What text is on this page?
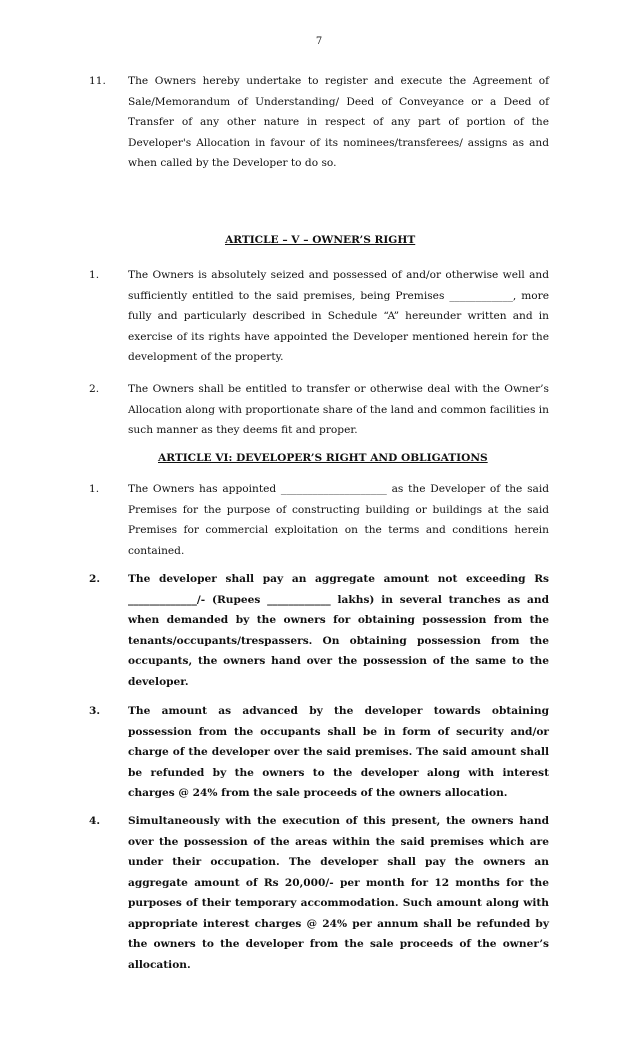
7
11.	The Owners hereby undertake to register and execute the Agreement of Sale/Memorandum of Understanding/ Deed of Conveyance or a Deed of Transfer of any other nature in respect of any part of portion of the Developer's Allocation in favour of its nominees/transferees/ assigns as and when called by the Developer to do so.
ARTICLE – V – OWNER’S RIGHT
1.	The Owners is absolutely seized and possessed of and/or otherwise well and sufficiently entitled to the said premises, being Premises ____________, more fully and particularly described in Schedule “A” hereunder written and in exercise of its rights have appointed the Developer mentioned herein for the development of the property.
2.	The Owners shall be entitled to transfer or otherwise deal with the Owner’s Allocation along with proportionate share of the land and common facilities in such manner as they deems fit and proper.
ARTICLE VI: DEVELOPER’S RIGHT AND OBLIGATIONS
1.	The Owners has appointed ____________________ as the Developer of the said Premises for the purpose of constructing building or buildings at the said Premises for commercial exploitation on the terms and conditions herein contained.
2.	The developer shall pay an aggregate amount not exceeding Rs _____________/- (Rupees ____________ lakhs) in several tranches as and when demanded by the owners for obtaining possession from the tenants/occupants/trespassers. On obtaining possession from the occupants, the owners hand over the possession of the same to the developer.
3.	The amount as advanced by the developer towards obtaining possession from the occupants shall be in form of security and/or charge of the developer over the said premises. The said amount shall be refunded by the owners to the developer along with interest charges @ 24% from the sale proceeds of the owners allocation.
4.	Simultaneously with the execution of this present, the owners hand over the possession of the areas within the said premises which are under their occupation. The developer shall pay the owners an aggregate amount of Rs 20,000/- per month for 12 months for the purposes of their temporary accommodation. Such amount along with appropriate interest charges @ 24% per annum shall be refunded by the owners to the developer from the sale proceeds of the owner’s allocation.
